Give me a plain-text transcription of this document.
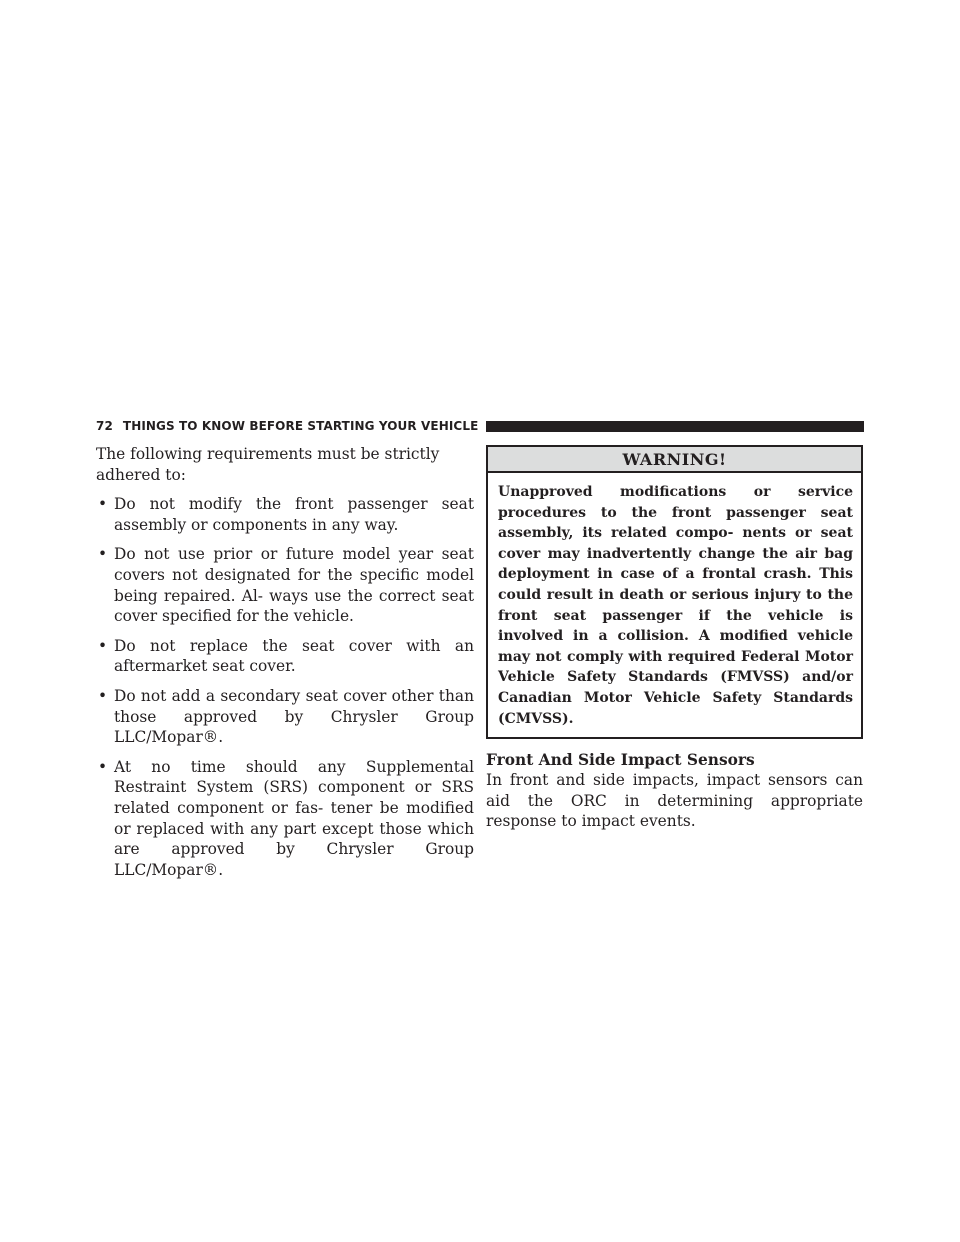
72 THINGS TO KNOW BEFORE STARTING YOUR VEHICLE

The following requirements must be strictly adhered to:

• Do not modify the front passenger seat assembly or components in any way.
• Do not use prior or future model year seat covers not designated for the specific model being repaired. Al- ways use the correct seat cover specified for the vehicle.
• Do not replace the seat cover with an aftermarket seat cover.
• Do not add a secondary seat cover other than those approved by Chrysler Group LLC/Mopar®.
• At no time should any Supplemental Restraint System (SRS) component or SRS related component or fas- tener be modified or replaced with any part except those which are approved by Chrysler Group LLC/Mopar®.
WARNING!
Unapproved modifications or service procedures to the front passenger seat assembly, its related compo- nents or seat cover may inadvertently change the air bag deployment in case of a frontal crash. This could result in death or serious injury to the front seat passenger if the vehicle is involved in a collision. A modified vehicle may not comply with required Federal Motor Vehicle Safety Standards (FMVSS) and/or Canadian Motor Vehicle Safety Standards (CMVSS).
Front And Side Impact Sensors

In front and side impacts, impact sensors can aid the ORC in determining appropriate response to impact events.
